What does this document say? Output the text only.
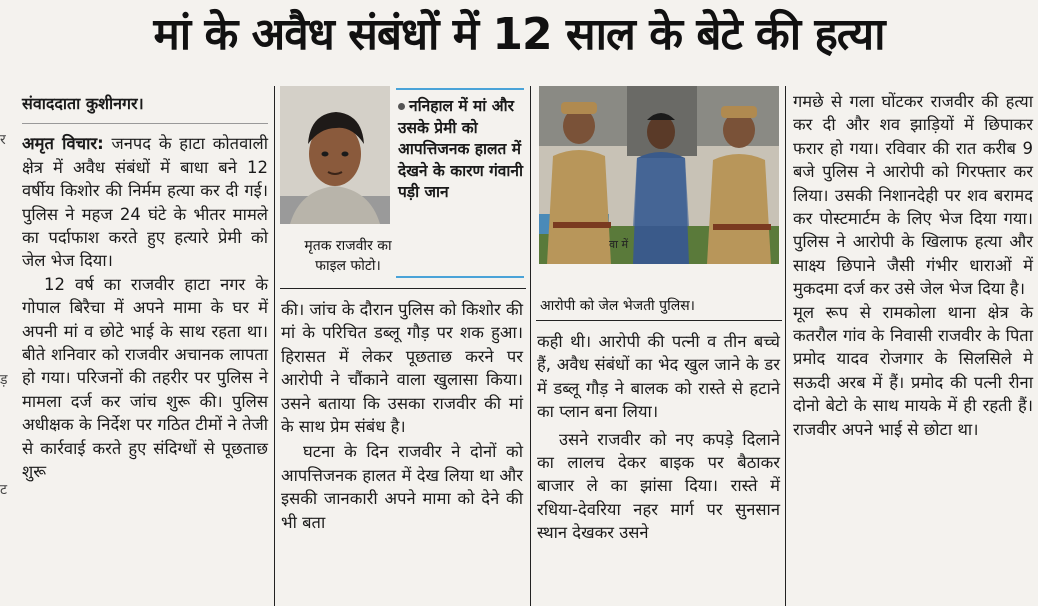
मां के अवैध संबंधों में 12 साल के बेटे की हत्या
र
ड़
ट

संवाददाता कुशीनगर।

अमृत विचार: जनपद के हाटा कोतवाली क्षेत्र में अवैध संबंधों में बाधा बने 12 वर्षीय किशोर की निर्मम हत्या कर दी गई। पुलिस ने महज 24 घंटे के भीतर मामले का पर्दाफाश करते हुए हत्यारे प्रेमी को जेल भेज दिया।

12 वर्ष का राजवीर हाटा नगर के गोपाल बिरैचा में अपने मामा के घर में अपनी मां व छोटे भाई के साथ रहता था। बीते शनिवार को राजवीर अचानक लापता हो गया। परिजनों की तहरीर पर पुलिस ने मामला दर्ज कर जांच शुरू की। पुलिस अधीक्षक के निर्देश पर गठित टीमों ने तेजी से कार्रवाई करते हुए संदिग्धों से पूछताछ शुरू

मृतक राजवीर का फाइल फोटो।
ननिहाल में मां और उसके प्रेमी को आपत्तिजनक हालत में देखने के कारण गंवानी पड़ी जान

की। जांच के दौरान पुलिस को किशोर की मां के परिचित डब्लू गौड़ पर शक हुआ। हिरासत में लेकर पूछताछ करने पर आरोपी ने चौंकाने वाला खुलासा किया। उसने बताया कि उसका राजवीर की मां के साथ प्रेम संबंध है।

घटना के दिन राजवीर ने दोनों को आपत्तिजनक हालत में देख लिया था और इसकी जानकारी अपने मामा को देने की भी बता

वा में
आरोपी को जेल भेजती पुलिस।

कही थी। आरोपी की पत्नी व तीन बच्चे हैं, अवैध संबंधों का भेद खुल जाने के डर में डब्लू गौड़ ने बालक को रास्ते से हटाने का प्लान बना लिया।

उसने राजवीर को नए कपड़े दिलाने का लालच देकर बाइक पर बैठाकर बाजार ले का झांसा दिया। रास्ते में रधिया-देवरिया नहर मार्ग पर सुनसान स्थान देखकर उसने

गमछे से गला घोंटकर राजवीर की हत्या कर दी और शव झाड़ियों में छिपाकर फरार हो गया। रविवार की रात करीब 9 बजे पुलिस ने आरोपी को गिरफ्तार कर लिया। उसकी निशानदेही पर शव बरामद कर पोस्टमार्टम के लिए भेज दिया गया। पुलिस ने आरोपी के खिलाफ हत्या और साक्ष्य छिपाने जैसी गंभीर धाराओं में मुकदमा दर्ज कर उसे जेल भेज दिया है।

मूल रूप से रामकोला थाना क्षेत्र के कतरौल गांव के निवासी राजवीर के पिता प्रमोद यादव रोजगार के सिलसिले मे सऊदी अरब में हैं। प्रमोद की पत्नी रीना दोनो बेटो के साथ मायके में ही रहती हैं। राजवीर अपने भाई से छोटा था।
